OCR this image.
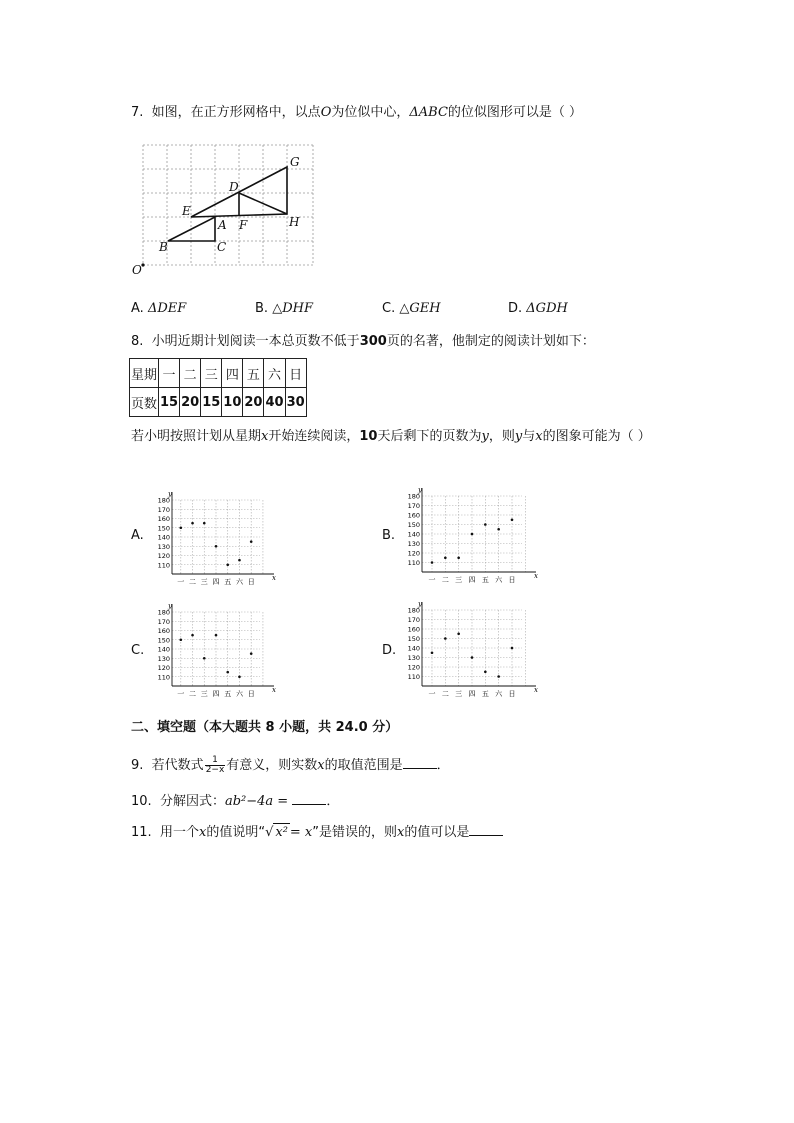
7. 如图，在正方形网格中，以点O为位似中心，ΔABC的位似图形可以是（ ）
G
D
E
A F	H
B	C
O
A. ΔDEF	B. △DHF	C. △GEH	D. ΔGDH
8. 小明近期计划阅读一本总页数不低于300页的名著，他制定的阅读计划如下：
星期	一	二	三	四	五	六	日
页数	15	20	15	10	20	40	30
若小明按照计划从星期x开始连续阅读，10天后剩下的页数为y，则y与x的图象可能为（ ）
A.	B.
C.	D.
y
x
180
170
160
150
140
130
120
110
一 二 三 四 五 六 日
y
x
180
170
160
150
140
130
120
110
一 二 三 四 五 六 日
y
x
180
170
160
150
140
130
120
110
一 二 三 四 五 六 日
y
x
180
170
160
150
140
130
120
110
一 二 三 四 五 六 日
二、填空题（本大题共 8 小题，共 24.0 分）
9. 若代数式 $\frac{1}{2-x}$ 有意义，则实数x的取值范围是	．
10. 分解因式：ab²−4a =	．
11. 用一个x的值说明“√ x² = x”是错误的，则x的值可以是
